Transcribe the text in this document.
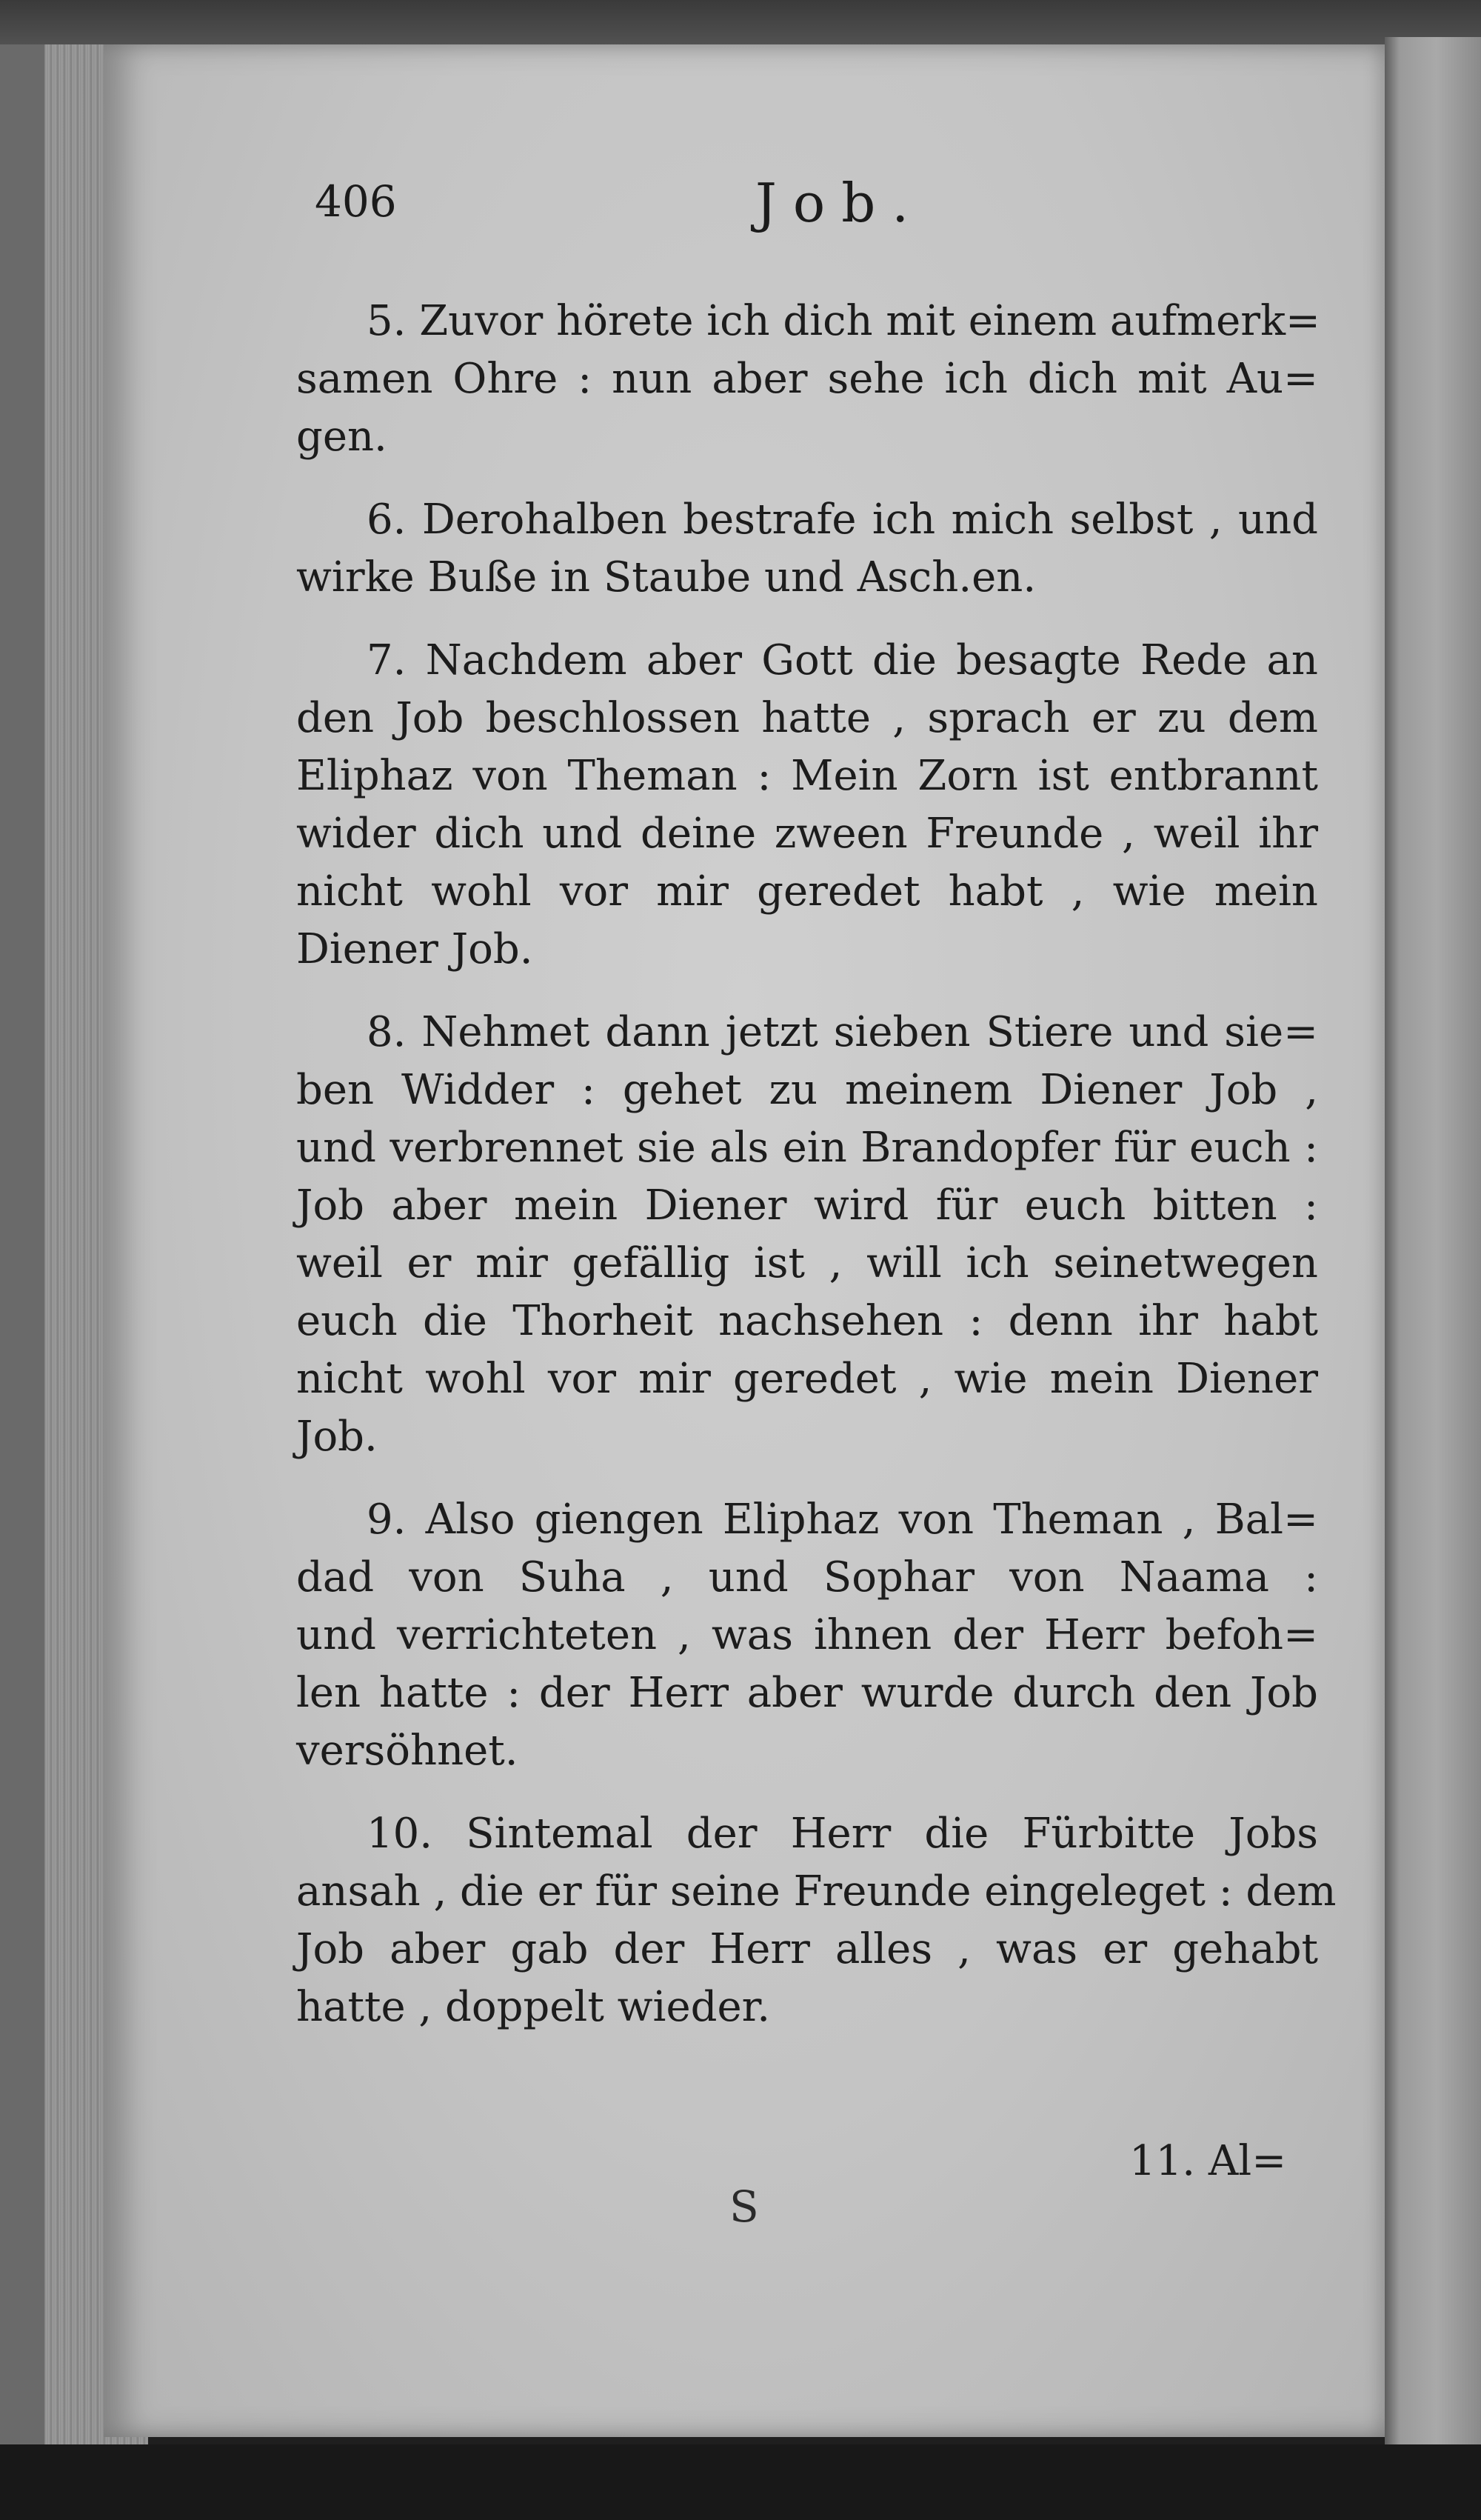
406	Job.

5. Zuvor hörete ich dich mit einem aufmerk=
samen Ohre : nun aber sehe ich dich mit Au=
gen.
6. Derohalben bestrafe ich mich selbst , und
wirke Buße in Staube und Asch.en.
7. Nachdem aber Gott die besagte Rede an
den Job beschlossen hatte , sprach er zu dem
Eliphaz von Theman : Mein Zorn ist entbrannt
wider dich und deine zween Freunde , weil ihr
nicht wohl vor mir geredet habt , wie mein
Diener Job.
8. Nehmet dann jetzt sieben Stiere und sie=
ben Widder : gehet zu meinem Diener Job ,
und verbrennet sie als ein Brandopfer für euch :
Job aber mein Diener wird für euch bitten :
weil er mir gefällig ist , will ich seinetwegen
euch die Thorheit nachsehen : denn ihr habt
nicht wohl vor mir geredet , wie mein Diener
Job.
9. Also giengen Eliphaz von Theman , Bal=
dad von Suha , und Sophar von Naama :
und verrichteten , was ihnen der Herr befoh=
len hatte : der Herr aber wurde durch den Job
versöhnet.
10. Sintemal der Herr die Fürbitte Jobs
ansah , die er für seine Freunde eingeleget : dem
Job aber gab der Herr alles , was er gehabt
hatte , doppelt wieder.

11. Al=

S
